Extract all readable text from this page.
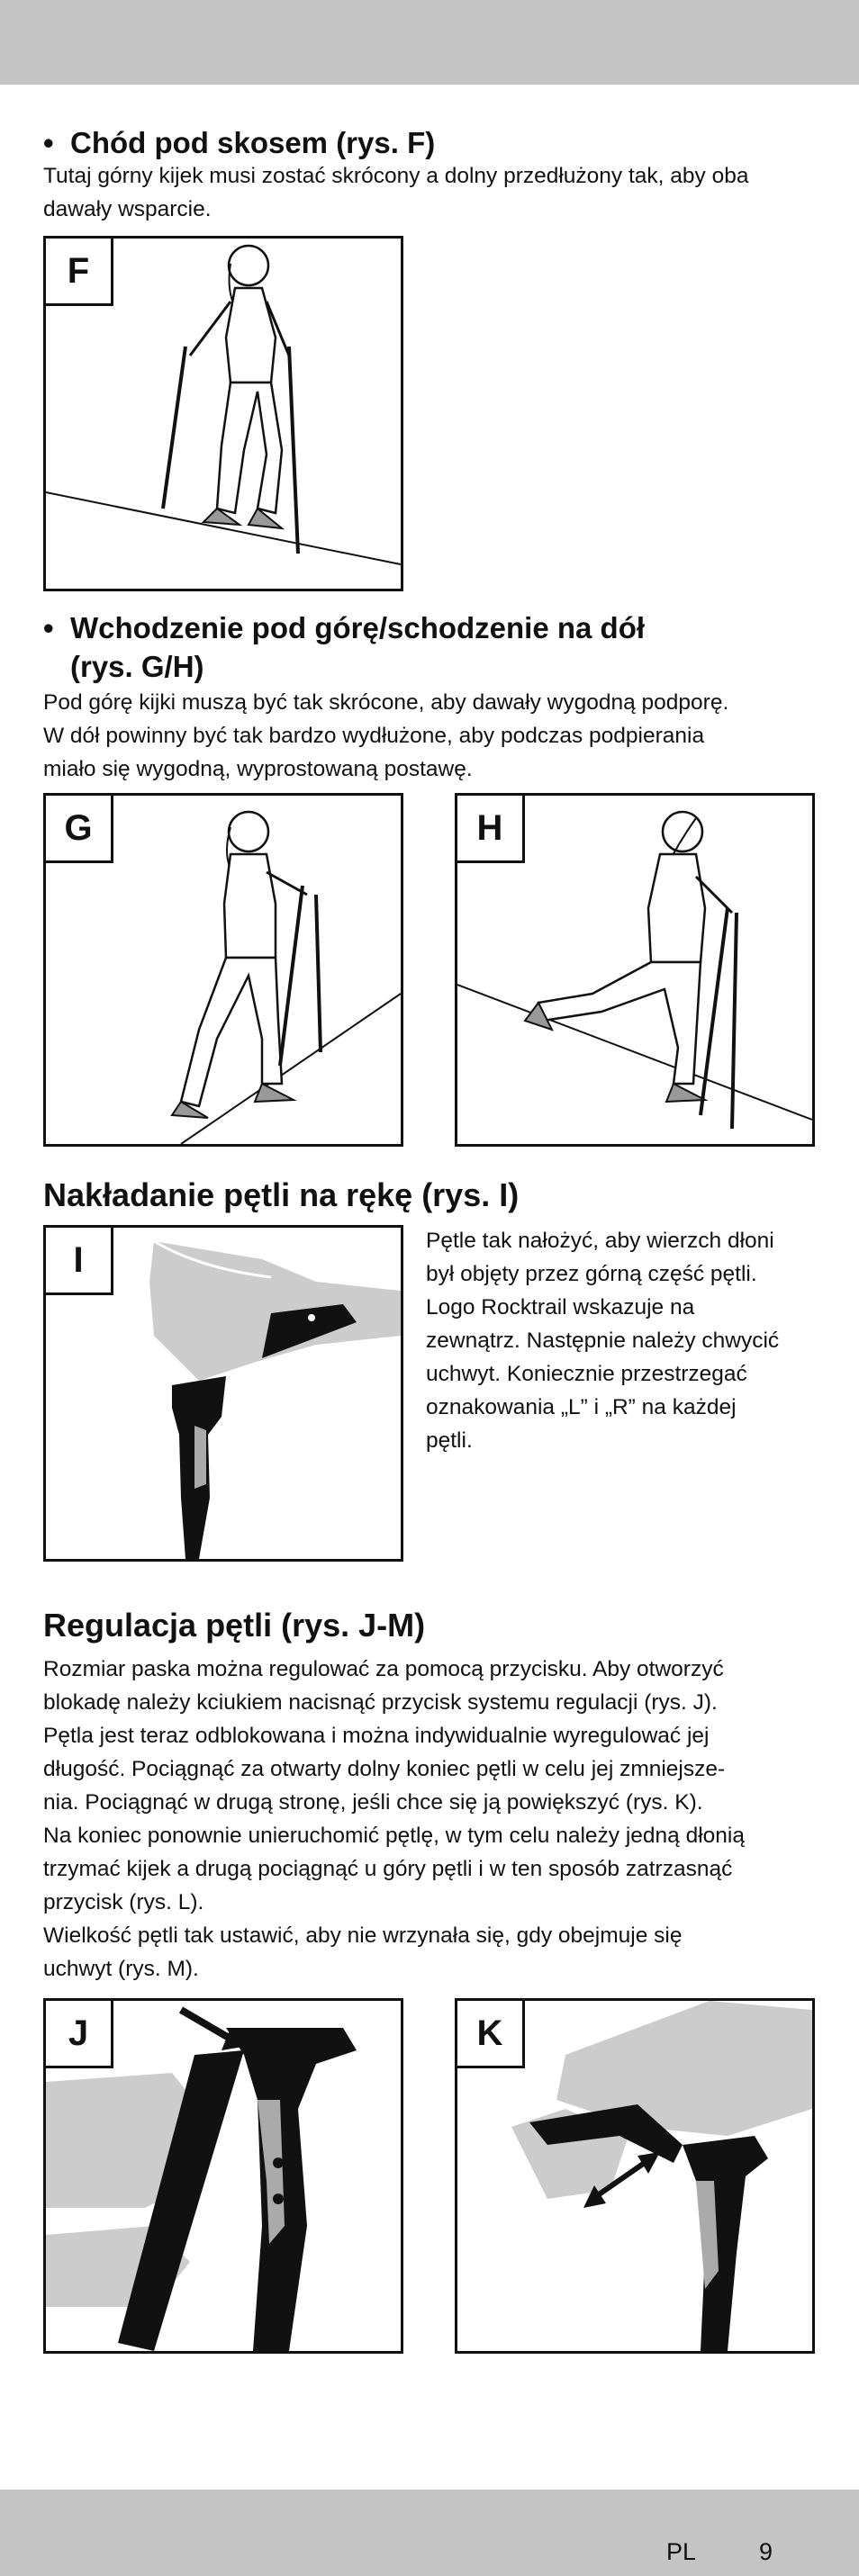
• Chód pod skosem (rys. F)
Tutaj górny kijek musi zostać skrócony a dolny przedłużony tak, aby oba
dawały wsparcie.
F
• Wchodzenie pod górę/schodzenie na dół
(rys. G/H)
Pod górę kijki muszą być tak skrócone, aby dawały wygodną podporę.
W dół powinny być tak bardzo wydłużone, aby podczas podpierania
miało się wygodną, wyprostowaną postawę.
G	H
Nakładanie pętli na rękę (rys. I)
I	Pętle tak nałożyć, aby wierzch dłoni
był objęty przez górną część pętli.
Logo Rocktrail wskazuje na
zewnątrz. Następnie należy chwycić
uchwyt. Koniecznie przestrzegać
oznakowania „L” i „R” na każdej
pętli.
Regulacja pętli (rys. J-M)
Rozmiar paska można regulować za pomocą przycisku. Aby otworzyć
blokadę należy kciukiem nacisnąć przycisk systemu regulacji (rys. J).
Pętla jest teraz odblokowana i można indywidualnie wyregulować jej
długość. Pociągnąć za otwarty dolny koniec pętli w celu jej zmniejsze-
nia. Pociągnąć w drugą stronę, jeśli chce się ją powiększyć (rys. K).
Na koniec ponownie unieruchomić pętlę, w tym celu należy jedną dłonią
trzymać kijek a drugą pociągnąć u góry pętli i w ten sposób zatrzasnąć
przycisk (rys. L).
Wielkość pętli tak ustawić, aby nie wrzynała się, gdy obejmuje się
uchwyt (rys. M).
J	K
PL	9
